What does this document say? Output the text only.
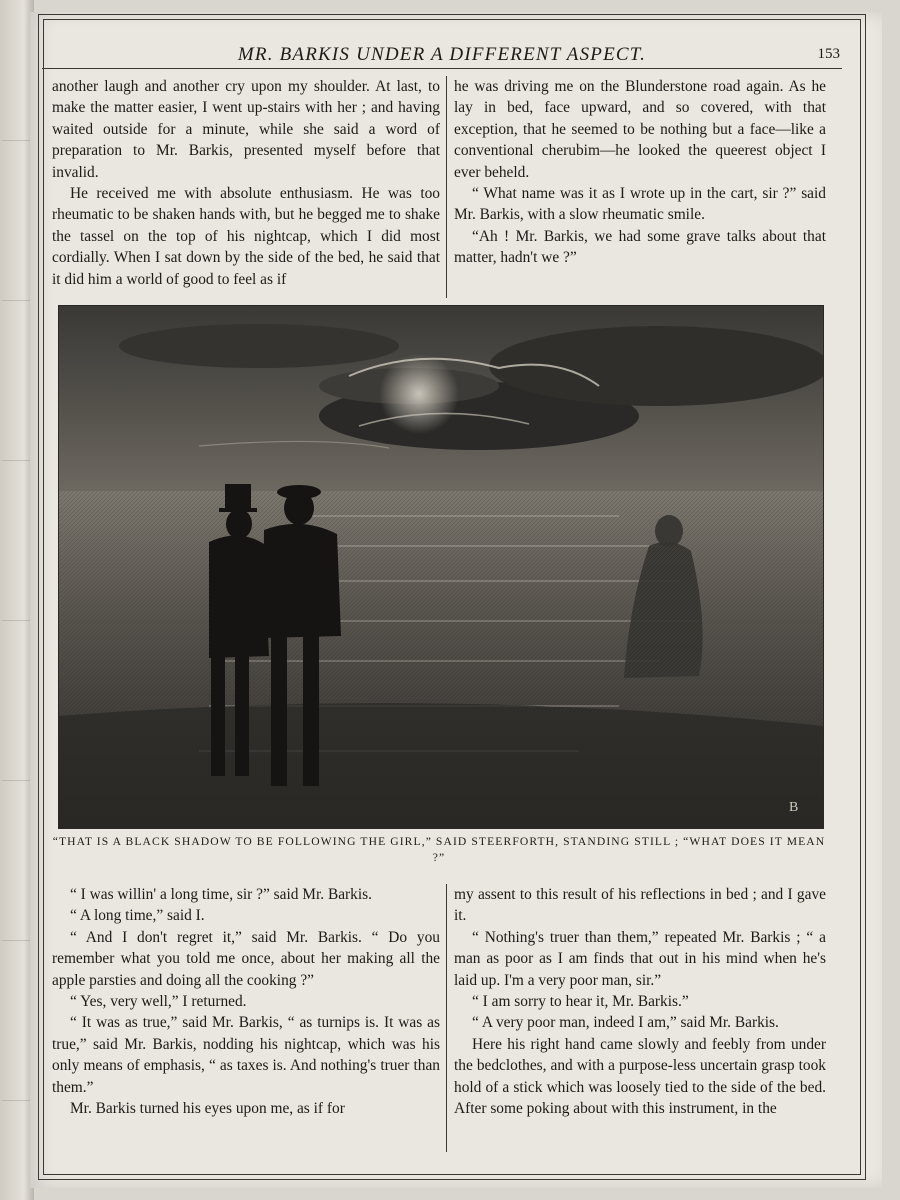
MR. BARKIS UNDER A DIFFERENT ASPECT.	153

another laugh and another cry upon my shoulder. At last, to make the matter easier, I went up-stairs with her ; and having waited outside for a minute, while she said a word of preparation to Mr. Barkis, presented myself before that invalid.

He received me with absolute enthusiasm. He was too rheumatic to be shaken hands with, but he begged me to shake the tassel on the top of his nightcap, which I did most cordially. When I sat down by the side of the bed, he said that it did him a world of good to feel as if

he was driving me on the Blunderstone road again. As he lay in bed, face upward, and so covered, with that exception, that he seemed to be nothing but a face—like a conventional cherubim—he looked the queerest object I ever beheld.

“ What name was it as I wrote up in the cart, sir ?” said Mr. Barkis, with a slow rheumatic smile.

“Ah ! Mr. Barkis, we had some grave talks about that matter, hadn't we ?”

B
“THAT IS A BLACK SHADOW TO BE FOLLOWING THE GIRL,” SAID STEERFORTH, STANDING STILL ; “WHAT DOES IT MEAN ?”

“ I was willin' a long time, sir ?” said Mr. Barkis.

“ A long time,” said I.

“ And I don't regret it,” said Mr. Barkis. “ Do you remember what you told me once, about her making all the apple parsties and doing all the cooking ?”

“ Yes, very well,” I returned.

“ It was as true,” said Mr. Barkis, “ as turnips is. It was as true,” said Mr. Barkis, nodding his nightcap, which was his only means of emphasis, “ as taxes is. And nothing's truer than them.”

Mr. Barkis turned his eyes upon me, as if for

my assent to this result of his reflections in bed ; and I gave it.

“ Nothing's truer than them,” repeated Mr. Barkis ; “ a man as poor as I am finds that out in his mind when he's laid up. I'm a very poor man, sir.”

“ I am sorry to hear it, Mr. Barkis.”

“ A very poor man, indeed I am,” said Mr. Barkis.

Here his right hand came slowly and feebly from under the bedclothes, and with a purpose-less uncertain grasp took hold of a stick which was loosely tied to the side of the bed. After some poking about with this instrument, in the
